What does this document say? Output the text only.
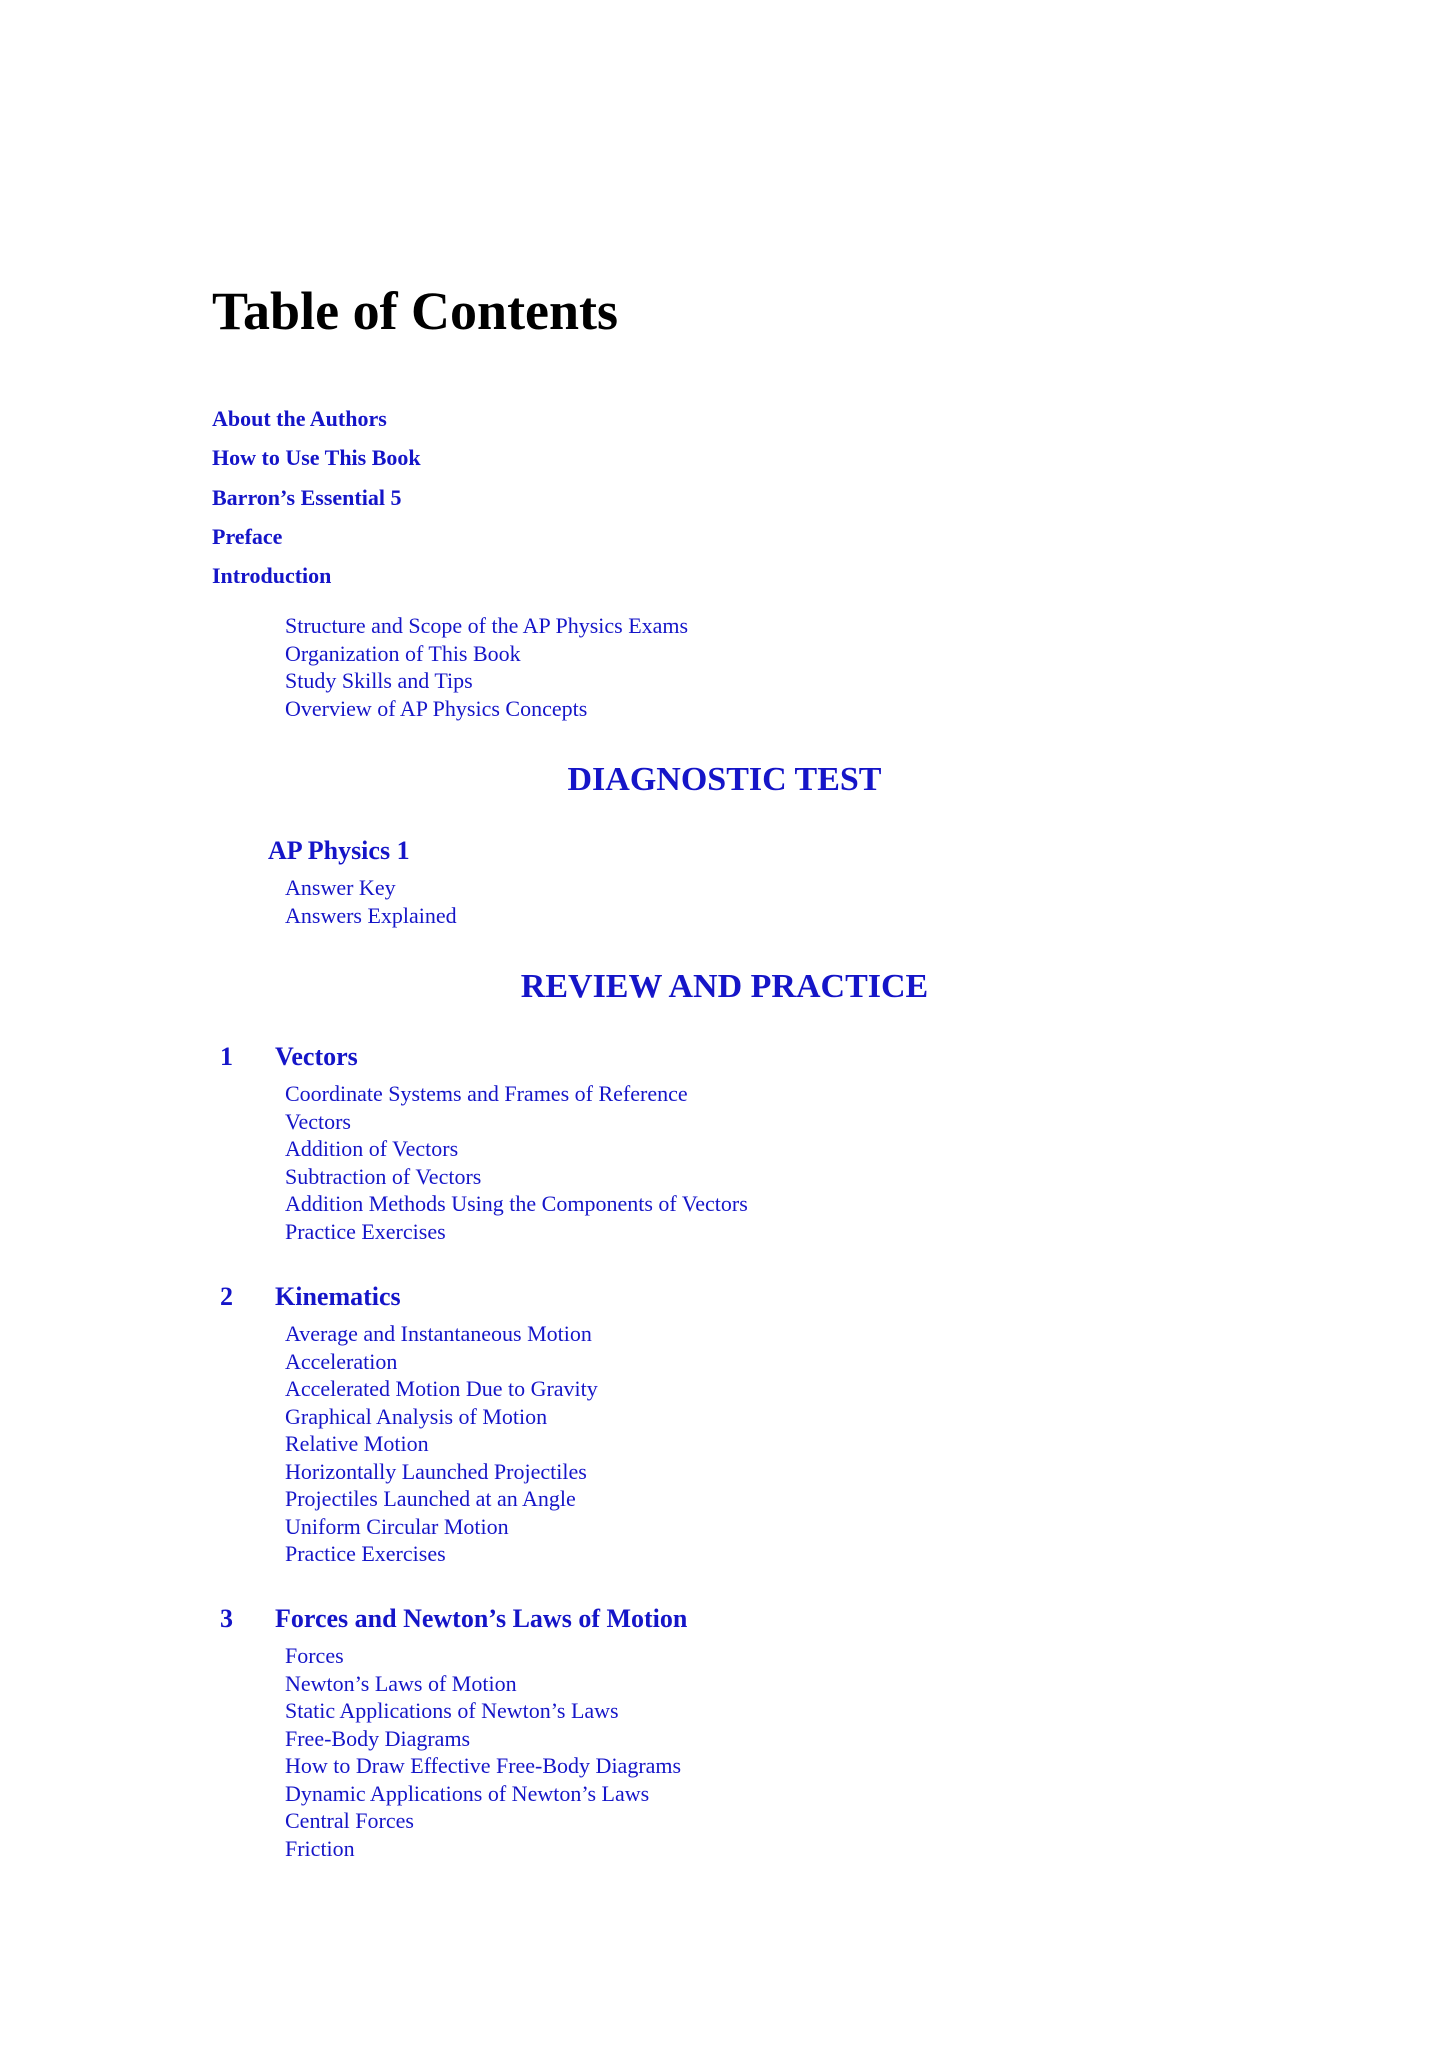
Table of Contents
About the Authors
How to Use This Book
Barron’s Essential 5
Preface
Introduction
Structure and Scope of the AP Physics Exams
Organization of This Book
Study Skills and Tips
Overview of AP Physics Concepts
DIAGNOSTIC TEST
AP Physics 1
Answer Key
Answers Explained
REVIEW AND PRACTICE
1 Vectors
Coordinate Systems and Frames of Reference
Vectors
Addition of Vectors
Subtraction of Vectors
Addition Methods Using the Components of Vectors
Practice Exercises
2 Kinematics
Average and Instantaneous Motion
Acceleration
Accelerated Motion Due to Gravity
Graphical Analysis of Motion
Relative Motion
Horizontally Launched Projectiles
Projectiles Launched at an Angle
Uniform Circular Motion
Practice Exercises
3 Forces and Newton’s Laws of Motion
Forces
Newton’s Laws of Motion
Static Applications of Newton’s Laws
Free-Body Diagrams
How to Draw Effective Free-Body Diagrams
Dynamic Applications of Newton’s Laws
Central Forces
Friction
